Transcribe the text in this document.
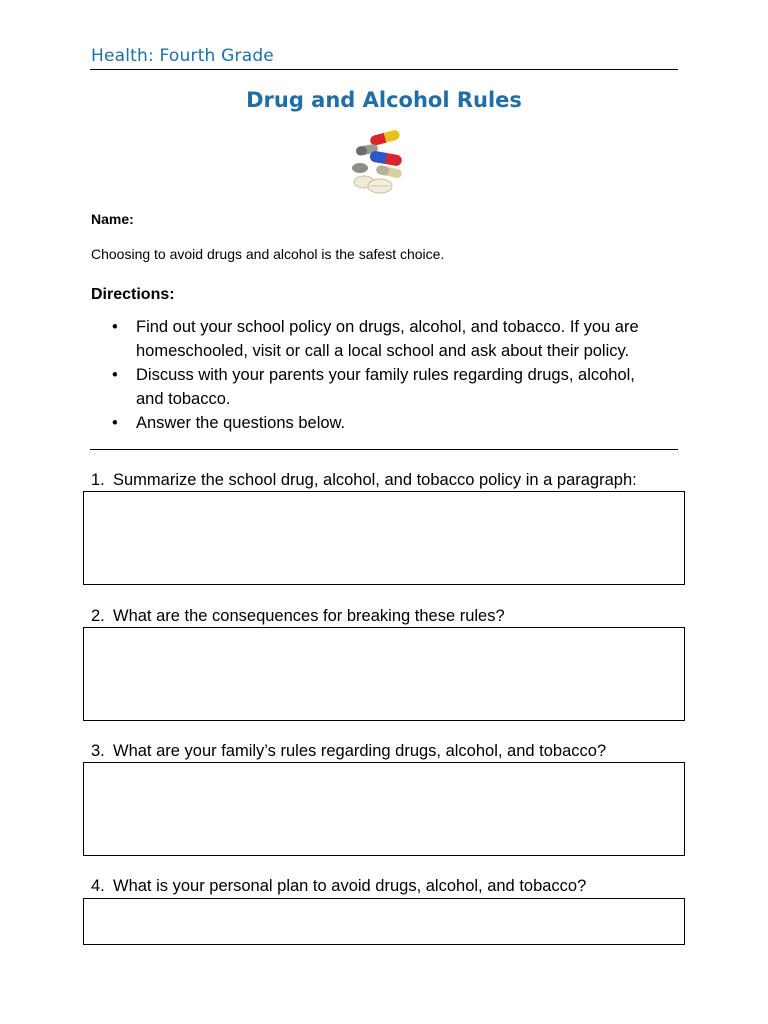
Health: Fourth Grade
Drug and Alcohol Rules
Name:
Choosing to avoid drugs and alcohol is the safest choice.
Directions:
• Find out your school policy on drugs, alcohol, and tobacco. If you are
homeschooled, visit or call a local school and ask about their policy.
• Discuss with your parents your family rules regarding drugs, alcohol,
and tobacco.
• Answer the questions below.
1. Summarize the school drug, alcohol, and tobacco policy in a paragraph:
2. What are the consequences for breaking these rules?
3. What are your family’s rules regarding drugs, alcohol, and tobacco?
4. What is your personal plan to avoid drugs, alcohol, and tobacco?
